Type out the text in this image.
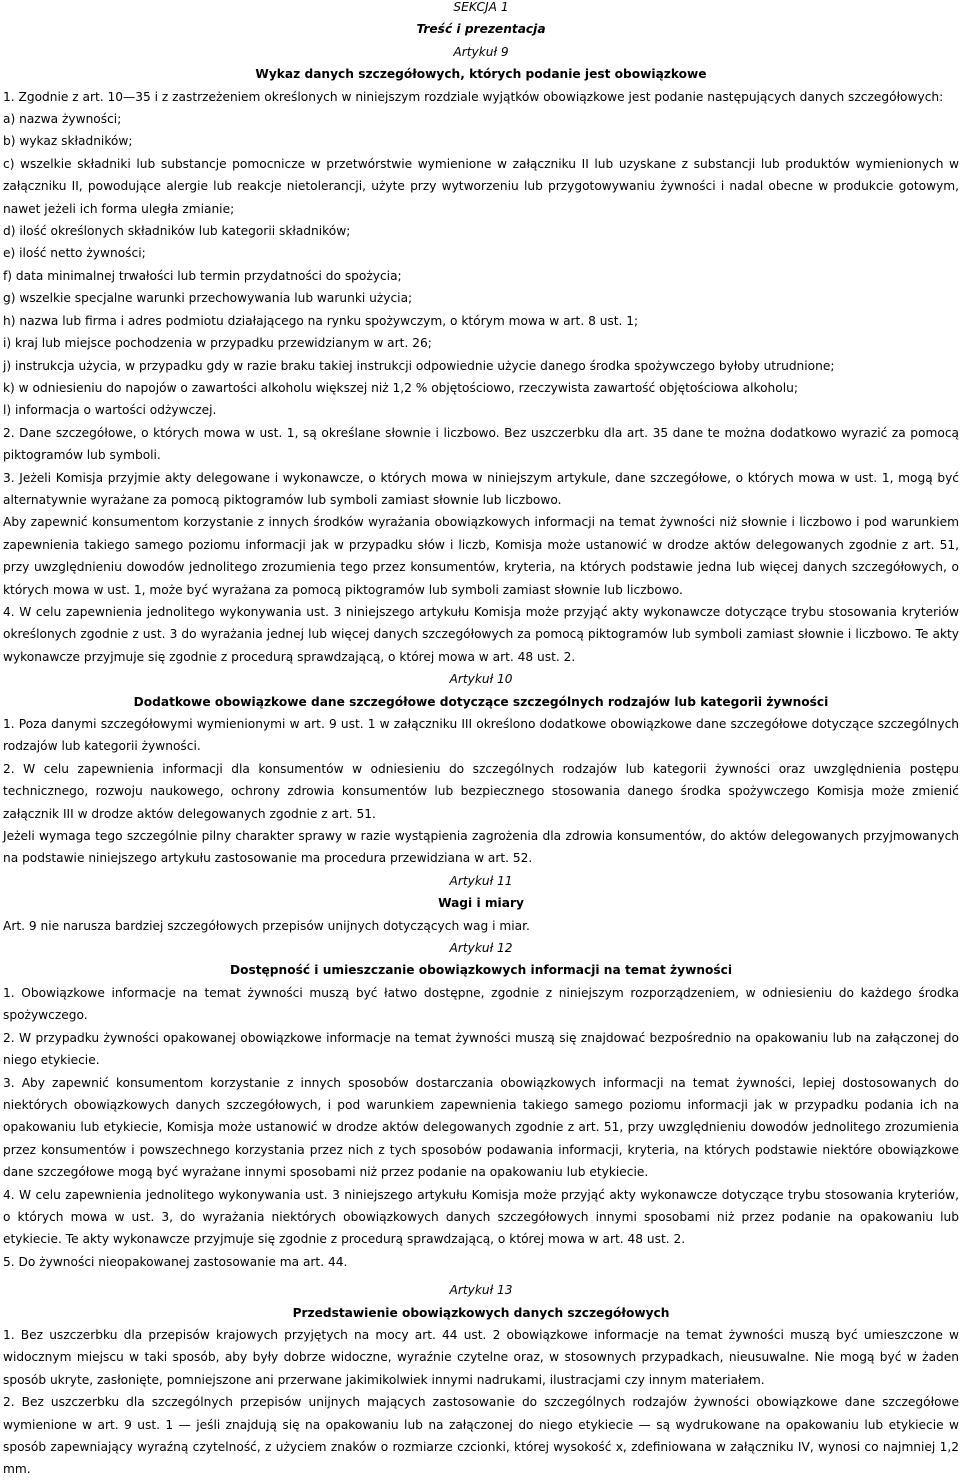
SEKCJA 1
Treść i prezentacja
Artykuł 9
Wykaz danych szczegółowych, których podanie jest obowiązkowe

1. Zgodnie z art. 10—35 i z zastrzeżeniem określonych w niniejszym rozdziale wyjątków obowiązkowe jest podanie następujących danych szczegółowych:

a) nazwa żywności;

b) wykaz składników;

c) wszelkie składniki lub substancje pomocnicze w przetwórstwie wymienione w załączniku II lub uzyskane z substancji lub produktów wymienionych w załączniku II, powodujące alergie lub reakcje nietolerancji, użyte przy wytworzeniu lub przygotowywaniu żywności i nadal obecne w produkcie gotowym, nawet jeżeli ich forma uległa zmianie;

d) ilość określonych składników lub kategorii składników;

e) ilość netto żywności;

f) data minimalnej trwałości lub termin przydatności do spożycia;

g) wszelkie specjalne warunki przechowywania lub warunki użycia;

h) nazwa lub firma i adres podmiotu działającego na rynku spożywczym, o którym mowa w art. 8 ust. 1;

i) kraj lub miejsce pochodzenia w przypadku przewidzianym w art. 26;

j) instrukcja użycia, w przypadku gdy w razie braku takiej instrukcji odpowiednie użycie danego środka spożywczego byłoby utrudnione;

k) w odniesieniu do napojów o zawartości alkoholu większej niż 1,2 % objętościowo, rzeczywista zawartość objętościowa alkoholu;

l) informacja o wartości odżywczej.

2. Dane szczegółowe, o których mowa w ust. 1, są określane słownie i liczbowo. Bez uszczerbku dla art. 35 dane te można dodatkowo wyrazić za pomocą piktogramów lub symboli.

3. Jeżeli Komisja przyjmie akty delegowane i wykonawcze, o których mowa w niniejszym artykule, dane szczegółowe, o których mowa w ust. 1, mogą być alternatywnie wyrażane za pomocą piktogramów lub symboli zamiast słownie lub liczbowo.

Aby zapewnić konsumentom korzystanie z innych środków wyrażania obowiązkowych informacji na temat żywności niż słownie i liczbowo i pod warunkiem zapewnienia takiego samego poziomu informacji jak w przypadku słów i liczb, Komisja może ustanowić w drodze aktów delegowanych zgodnie z art. 51, przy uwzględnieniu dowodów jednolitego zrozumienia tego przez konsumentów, kryteria, na których podstawie jedna lub więcej danych szczegółowych, o których mowa w ust. 1, może być wyrażana za pomocą piktogramów lub symboli zamiast słownie lub liczbowo.

4. W celu zapewnienia jednolitego wykonywania ust. 3 niniejszego artykułu Komisja może przyjąć akty wykonawcze dotyczące trybu stosowania kryteriów określonych zgodnie z ust. 3 do wyrażania jednej lub więcej danych szczegółowych za pomocą piktogramów lub symboli zamiast słownie i liczbowo. Te akty wykonawcze przyjmuje się zgodnie z procedurą sprawdzającą, o której mowa w art. 48 ust. 2.

Artykuł 10
Dodatkowe obowiązkowe dane szczegółowe dotyczące szczególnych rodzajów lub kategorii żywności

1. Poza danymi szczegółowymi wymienionymi w art. 9 ust. 1 w załączniku III określono dodatkowe obowiązkowe dane szczegółowe dotyczące szczególnych rodzajów lub kategorii żywności.

2. W celu zapewnienia informacji dla konsumentów w odniesieniu do szczególnych rodzajów lub kategorii żywności oraz uwzględnienia postępu technicznego, rozwoju naukowego, ochrony zdrowia konsumentów lub bezpiecznego stosowania danego środka spożywczego Komisja może zmienić załącznik III w drodze aktów delegowanych zgodnie z art. 51.

Jeżeli wymaga tego szczególnie pilny charakter sprawy w razie wystąpienia zagrożenia dla zdrowia konsumentów, do aktów delegowanych przyjmowanych na podstawie niniejszego artykułu zastosowanie ma procedura przewidziana w art. 52.

Artykuł 11
Wagi i miary

Art. 9 nie narusza bardziej szczegółowych przepisów unijnych dotyczących wag i miar.

Artykuł 12
Dostępność i umieszczanie obowiązkowych informacji na temat żywności

1. Obowiązkowe informacje na temat żywności muszą być łatwo dostępne, zgodnie z niniejszym rozporządzeniem, w odniesieniu do każdego środka spożywczego.

2. W przypadku żywności opakowanej obowiązkowe informacje na temat żywności muszą się znajdować bezpośrednio na opakowaniu lub na załączonej do niego etykiecie.

3. Aby zapewnić konsumentom korzystanie z innych sposobów dostarczania obowiązkowych informacji na temat żywności, lepiej dostosowanych do niektórych obowiązkowych danych szczegółowych, i pod warunkiem zapewnienia takiego samego poziomu informacji jak w przypadku podania ich na opakowaniu lub etykiecie, Komisja może ustanowić w drodze aktów delegowanych zgodnie z art. 51, przy uwzględnieniu dowodów jednolitego zrozumienia przez konsumentów i powszechnego korzystania przez nich z tych sposobów podawania informacji, kryteria, na których podstawie niektóre obowiązkowe dane szczegółowe mogą być wyrażane innymi sposobami niż przez podanie na opakowaniu lub etykiecie.

4. W celu zapewnienia jednolitego wykonywania ust. 3 niniejszego artykułu Komisja może przyjąć akty wykonawcze dotyczące trybu stosowania kryteriów, o których mowa w ust. 3, do wyrażania niektórych obowiązkowych danych szczegółowych innymi sposobami niż przez podanie na opakowaniu lub etykiecie. Te akty wykonawcze przyjmuje się zgodnie z procedurą sprawdzającą, o której mowa w art. 48 ust. 2.

5. Do żywności nieopakowanej zastosowanie ma art. 44.

Artykuł 13
Przedstawienie obowiązkowych danych szczegółowych

1. Bez uszczerbku dla przepisów krajowych przyjętych na mocy art. 44 ust. 2 obowiązkowe informacje na temat żywności muszą być umieszczone w widocznym miejscu w taki sposób, aby były dobrze widoczne, wyraźnie czytelne oraz, w stosownych przypadkach, nieusuwalne. Nie mogą być w żaden sposób ukryte, zasłonięte, pomniejszone ani przerwane jakimikolwiek innymi nadrukami, ilustracjami czy innym materiałem.

2. Bez uszczerbku dla szczególnych przepisów unijnych mających zastosowanie do szczególnych rodzajów żywności obowiązkowe dane szczegółowe wymienione w art. 9 ust. 1 — jeśli znajdują się na opakowaniu lub na załączonej do niego etykiecie — są wydrukowane na opakowaniu lub etykiecie w sposób zapewniający wyraźną czytelność, z użyciem znaków o rozmiarze czcionki, której wysokość x, zdefiniowana w załączniku IV, wynosi co najmniej 1,2 mm.
